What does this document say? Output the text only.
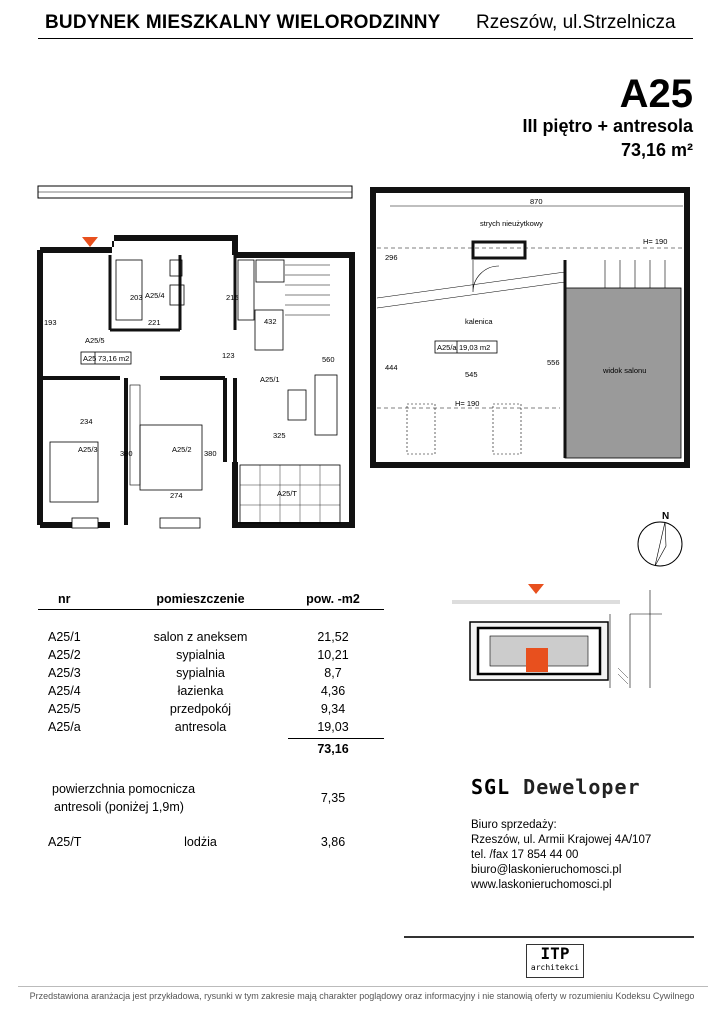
BUDYNEK MIESZKALNY WIELORODZINNY Rzeszów, ul.Strzelnicza
A25
III piętro + antresola
73,16 m²
A25 73,16 m2
193	221
203	215
432
123	560
234
325
380	380
274
A25/5
A25/4
A25/1
A25/3	A25/2
A25/T
A25/a 19,03 m2
870
296
H= 190
444
545
556
H= 190
strych nieużytkowy
kalenica
widok salonu
N
nr	pomieszczenie	pow. -m2
A25/1	salon z aneksem	21,52
A25/2	sypialnia	10,21
A25/3	sypialnia	8,7
A25/4	łazienka	4,36
A25/5	przedpokój	9,34
A25/a	antresola	19,03
73,16
powierzchnia pomocnicza
antresoli (poniżej 1,9m)
7,35
A25/T	lodżia	3,86
SGL Deweloper
Biuro sprzedaży:
Rzeszów, ul. Armii Krajowej 4A/107
tel. /fax 17 854 44 00
biuro@laskonieruchomosci.pl
www.laskonieruchomosci.pl
ITP
architekci
Przedstawiona aranżacja jest przykładowa, rysunki w tym zakresie mają charakter poglądowy oraz informacyjny i nie stanowią oferty w rozumieniu Kodeksu Cywilnego
